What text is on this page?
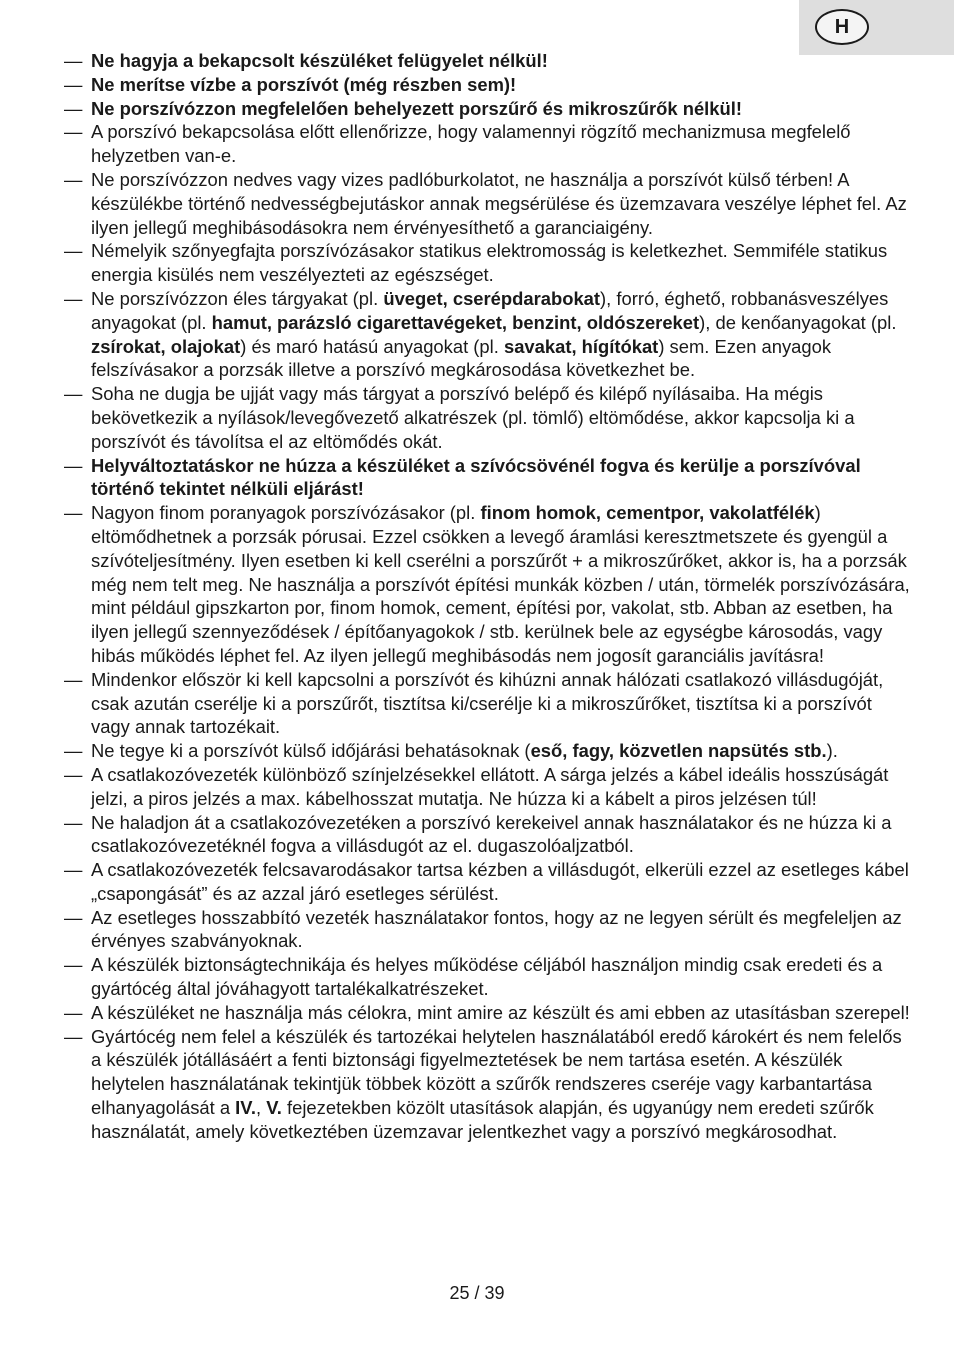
H
— Ne hagyja a bekapcsolt készüléket felügyelet nélkül!
— Ne merítse vízbe a porszívót (még részben sem)!
— Ne porszívózzon megfelelően behelyezett porszűrő és mikroszűrők nélkül!
— A porszívó bekapcsolása előtt ellenőrizze, hogy valamennyi rögzítő mechanizmusa megfelelő helyzetben van-e.
— Ne porszívózzon nedves vagy vizes padlóburkolatot, ne használja a porszívót külső térben! A készülékbe történő nedvességbejutáskor annak megsérülése és üzemzavara veszélye léphet fel. Az ilyen jellegű meghibásodásokra nem érvényesíthető a garanciaigény.
— Némelyik szőnyegfajta porszívózásakor statikus elektromosság is keletkezhet. Semmiféle statikus energia kisülés nem veszélyezteti az egészséget.
— Ne porszívózzon éles tárgyakat (pl. üveget, cserépdarabokat), forró, éghető, robbanásveszélyes anyagokat (pl. hamut, parázsló cigarettavégeket, benzint, oldószereket), de kenőanyagokat (pl. zsírokat, olajokat) és maró hatású anyagokat (pl. savakat, hígítókat) sem. Ezen anyagok felszívásakor a porzsák illetve a porszívó megkárosodása következhet be.
— Soha ne dugja be ujját vagy más tárgyat a porszívó belépő és kilépő nyílásaiba. Ha mégis bekövetkezik a nyílások/levegővezető alkatrészek (pl. tömlő) eltömődése, akkor kapcsolja ki a porszívót és távolítsa el az eltömődés okát.
— Helyváltoztatáskor ne húzza a készüléket a szívócsövénél fogva és kerülje a porszívóval történő tekintet nélküli eljárást!
— Nagyon finom poranyagok porszívózásakor (pl. finom homok, cementpor, vakolatfélék) eltömődhetnek a porzsák pórusai. Ezzel csökken a levegő áramlási keresztmetszete és gyengül a szívóteljesítmény. Ilyen esetben ki kell cserélni a porszűrőt + a mikroszűrőket, akkor is, ha a porzsák még nem telt meg. Ne használja a porszívót építési munkák közben / után, törmelék porszívózására, mint például gipszkarton por, finom homok, cement, építési por, vakolat, stb. Abban az esetben, ha ilyen jellegű szennyeződések / építőanyagokok / stb. kerülnek bele az egységbe károsodás, vagy hibás működés léphet fel. Az ilyen jellegű meghibásodás nem jogosít garanciális javításra!
— Mindenkor először ki kell kapcsolni a porszívót és kihúzni annak hálózati csatlakozó villásdugóját, csak azután cserélje ki a porszűrőt, tisztítsa ki/cserélje ki a mikroszűrőket, tisztítsa ki a porszívót vagy annak tartozékait.
— Ne tegye ki a porszívót külső időjárási behatásoknak (eső, fagy, közvetlen napsütés stb.).
— A csatlakozóvezeték különböző színjelzésekkel ellátott. A sárga jelzés a kábel ideális hosszúságát jelzi, a piros jelzés a max. kábelhosszat mutatja. Ne húzza ki a kábelt a piros jelzésen túl!
— Ne haladjon át a csatlakozóvezetéken a porszívó kerekeivel annak használatakor és ne húzza ki a csatlakozóvezetéknél fogva a villásdugót az el. dugaszolóaljzatból.
— A csatlakozóvezeték felcsavarodásakor tartsa kézben a villásdugót, elkerüli ezzel az esetleges kábel „csapongását” és az azzal járó esetleges sérülést.
— Az esetleges hosszabbító vezeték használatakor fontos, hogy az ne legyen sérült és megfeleljen az érvényes szabványoknak.
— A készülék biztonságtechnikája és helyes működése céljából használjon mindig csak eredeti és a gyártócég által jóváhagyott tartalékalkatrészeket.
— A készüléket ne használja más célokra, mint amire az készült és ami ebben az utasításban szerepel!
— Gyártócég nem felel a készülék és tartozékai helytelen használatából eredő károkért és nem felelős a készülék jótállásáért a fenti biztonsági figyelmeztetések be nem tartása esetén. A készülék helytelen használatának tekintjük többek között a szűrők rendszeres cseréje vagy karbantartása elhanyagolását a IV., V. fejezetekben közölt utasítások alapján, és ugyanúgy nem eredeti szűrők használatát, amely következtében üzemzavar jelentkezhet vagy a porszívó megkárosodhat.
25 / 39
